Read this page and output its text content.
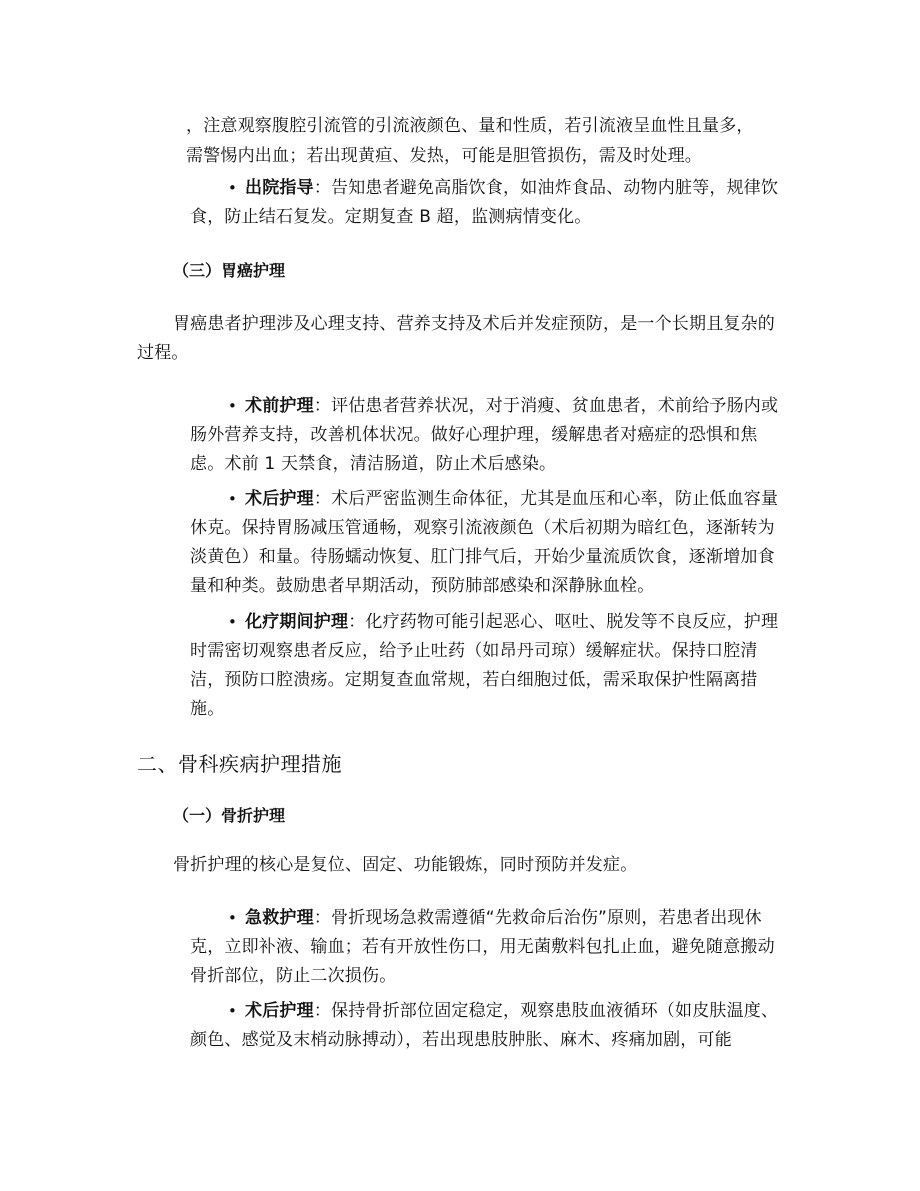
，注意观察腹腔引流管的引流液颜色、量和性质，若引流液呈血性且量多，

需警惕内出血；若出现黄疸、发热，可能是胆管损伤，需及时处理。

• 出院指导：告知患者避免高脂饮食，如油炸食品、动物内脏等，规律饮食，防止结石复发。定期复查 B 超，监测病情变化。

（三）胃癌护理

胃癌患者护理涉及心理支持、营养支持及术后并发症预防，是一个长期且复杂的过程。

• 术前护理：评估患者营养状况，对于消瘦、贫血患者，术前给予肠内或肠外营养支持，改善机体状况。做好心理护理，缓解患者对癌症的恐惧和焦虑。术前 1 天禁食，清洁肠道，防止术后感染。

• 术后护理：术后严密监测生命体征，尤其是血压和心率，防止低血容量休克。保持胃肠减压管通畅，观察引流液颜色（术后初期为暗红色，逐渐转为淡黄色）和量。待肠蠕动恢复、肛门排气后，开始少量流质饮食，逐渐增加食量和种类。鼓励患者早期活动，预防肺部感染和深静脉血栓。

• 化疗期间护理：化疗药物可能引起恶心、呕吐、脱发等不良反应，护理时需密切观察患者反应，给予止吐药（如昂丹司琼）缓解症状。保持口腔清洁，预防口腔溃疡。定期复查血常规，若白细胞过低，需采取保护性隔离措施。

二、骨科疾病护理措施

（一）骨折护理

骨折护理的核心是复位、固定、功能锻炼，同时预防并发症。

• 急救护理：骨折现场急救需遵循“先救命后治伤”原则，若患者出现休克，立即补液、输血；若有开放性伤口，用无菌敷料包扎止血，避免随意搬动骨折部位，防止二次损伤。

• 术后护理：保持骨折部位固定稳定，观察患肢血液循环（如皮肤温度、颜色、感觉及末梢动脉搏动），若出现患肢肿胀、麻木、疼痛加剧，可能
